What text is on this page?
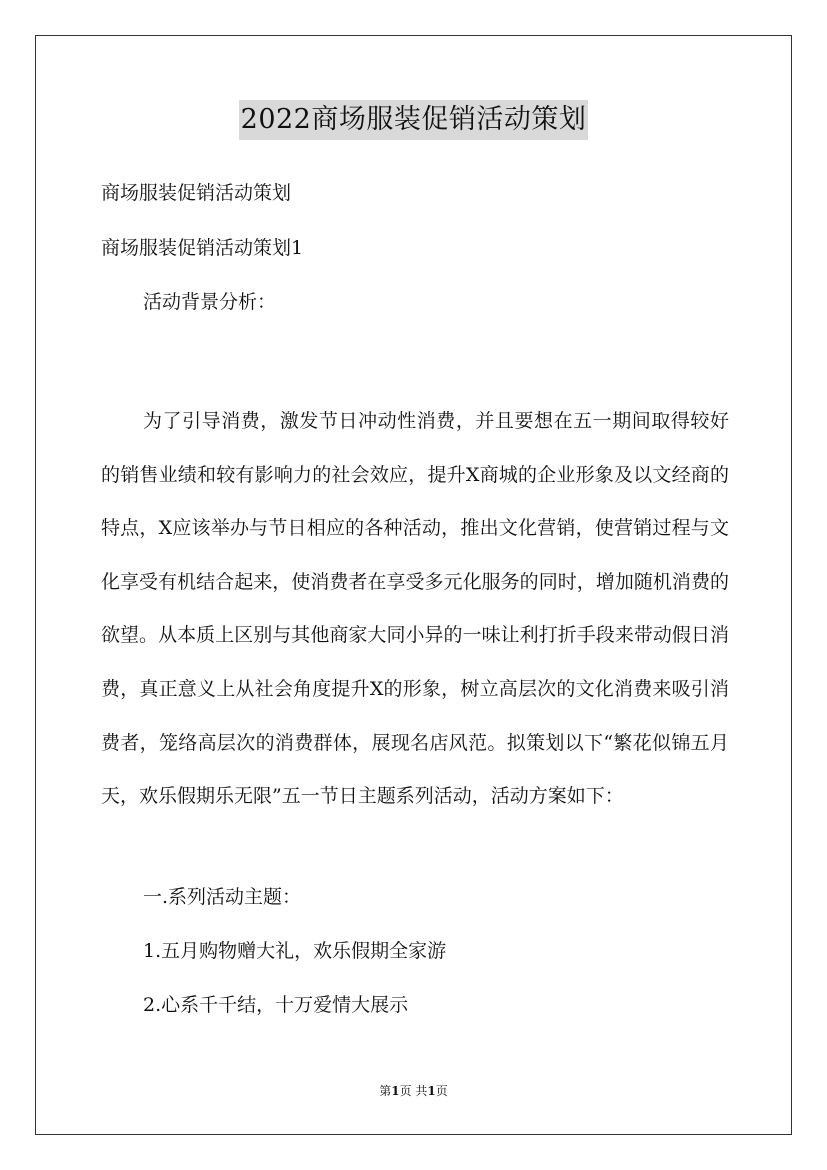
2022商场服装促销活动策划
商场服装促销活动策划
商场服装促销活动策划1
活动背景分析：

为了引导消费，激发节日冲动性消费，并且要想在五一期间取得较好的销售业绩和较有影响力的社会效应，提升X商城的企业形象及以文经商的特点，X应该举办与节日相应的各种活动，推出文化营销，使营销过程与文化享受有机结合起来，使消费者在享受多元化服务的同时，增加随机消费的欲望。从本质上区别与其他商家大同小异的一味让利打折手段来带动假日消费，真正意义上从社会角度提升X的形象，树立高层次的文化消费来吸引消费者，笼络高层次的消费群体，展现名店风范。拟策划以下“繁花似锦五月天，欢乐假期乐无限”五一节日主题系列活动，活动方案如下：

一.系列活动主题：
1.五月购物赠大礼，欢乐假期全家游
2.心系千千结，十万爱情大展示
第1页 共1页
